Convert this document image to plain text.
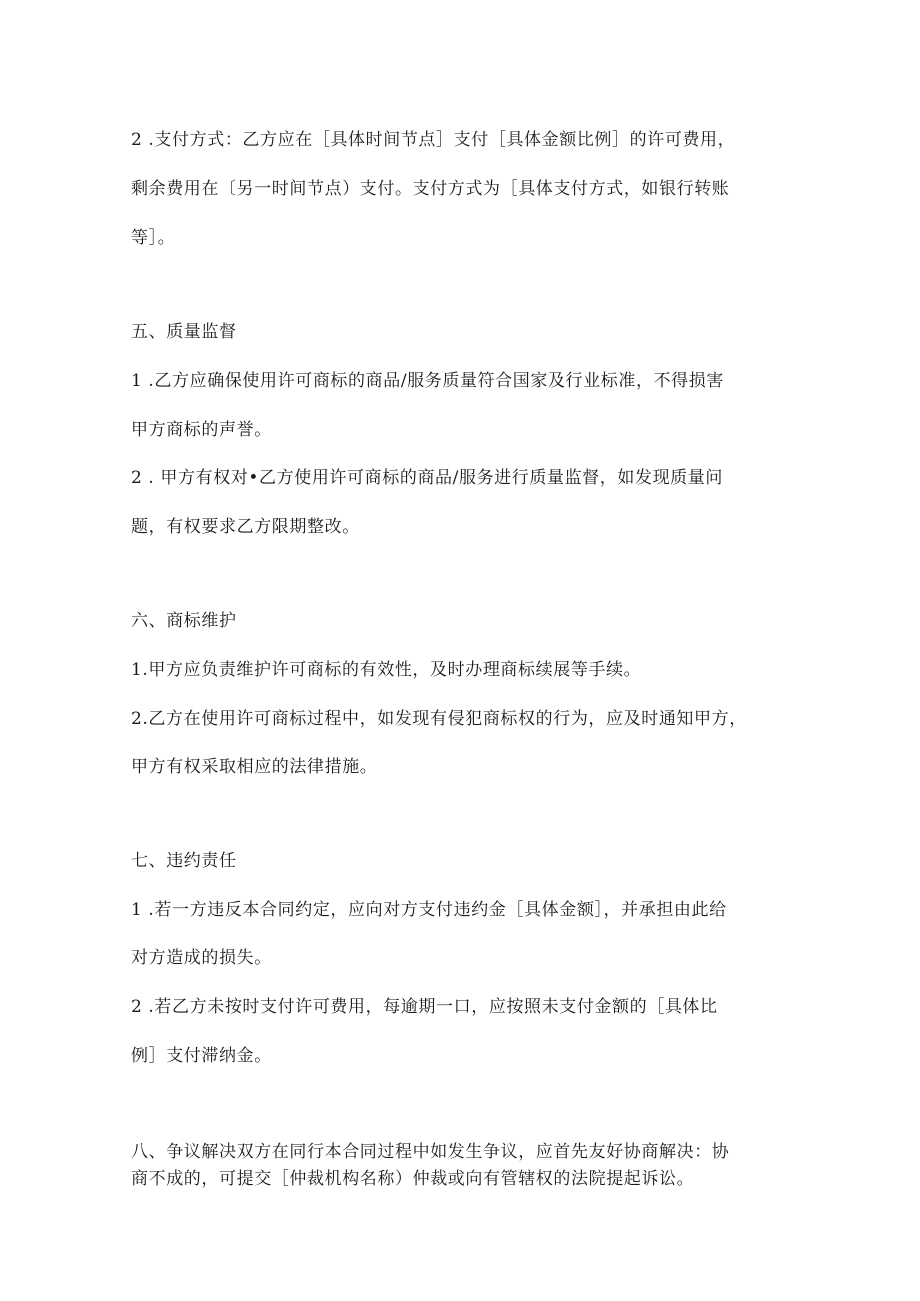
2 .支付方式：乙方应在［具体时间节点］支付［具体金额比例］的许可费用，
剩余费用在〔另一时间节点）支付。支付方式为［具体支付方式，如银行转账
等］。
五、质量监督
1 .乙方应确保使用许可商标的商品/服务质量符合国家及行业标准，不得损害
甲方商标的声誉。
2 . 甲方有权对•乙方使用许可商标的商品/服务进行质量监督，如发现质量问
题，有权要求乙方限期整改。
六、商标维护
1.甲方应负责维护许可商标的有效性，及时办理商标续展等手续。
2.乙方在使用许可商标过程中，如发现有侵犯商标权的行为，应及时通知甲方，
甲方有权采取相应的法律措施。
七、违约责任
1 .若一方违反本合同约定，应向对方支付违约金［具体金额］，并承担由此给
对方造成的损失。
2 .若乙方未按时支付许可费用，每逾期一口，应按照未支付金额的［具体比
例］支付滞纳金。
八、争议解决双方在同行本合同过程中如发生争议，应首先友好协商解决：协
商不成的，可提交［仲裁机构名称）仲裁或向有管辖权的法院提起诉讼。
